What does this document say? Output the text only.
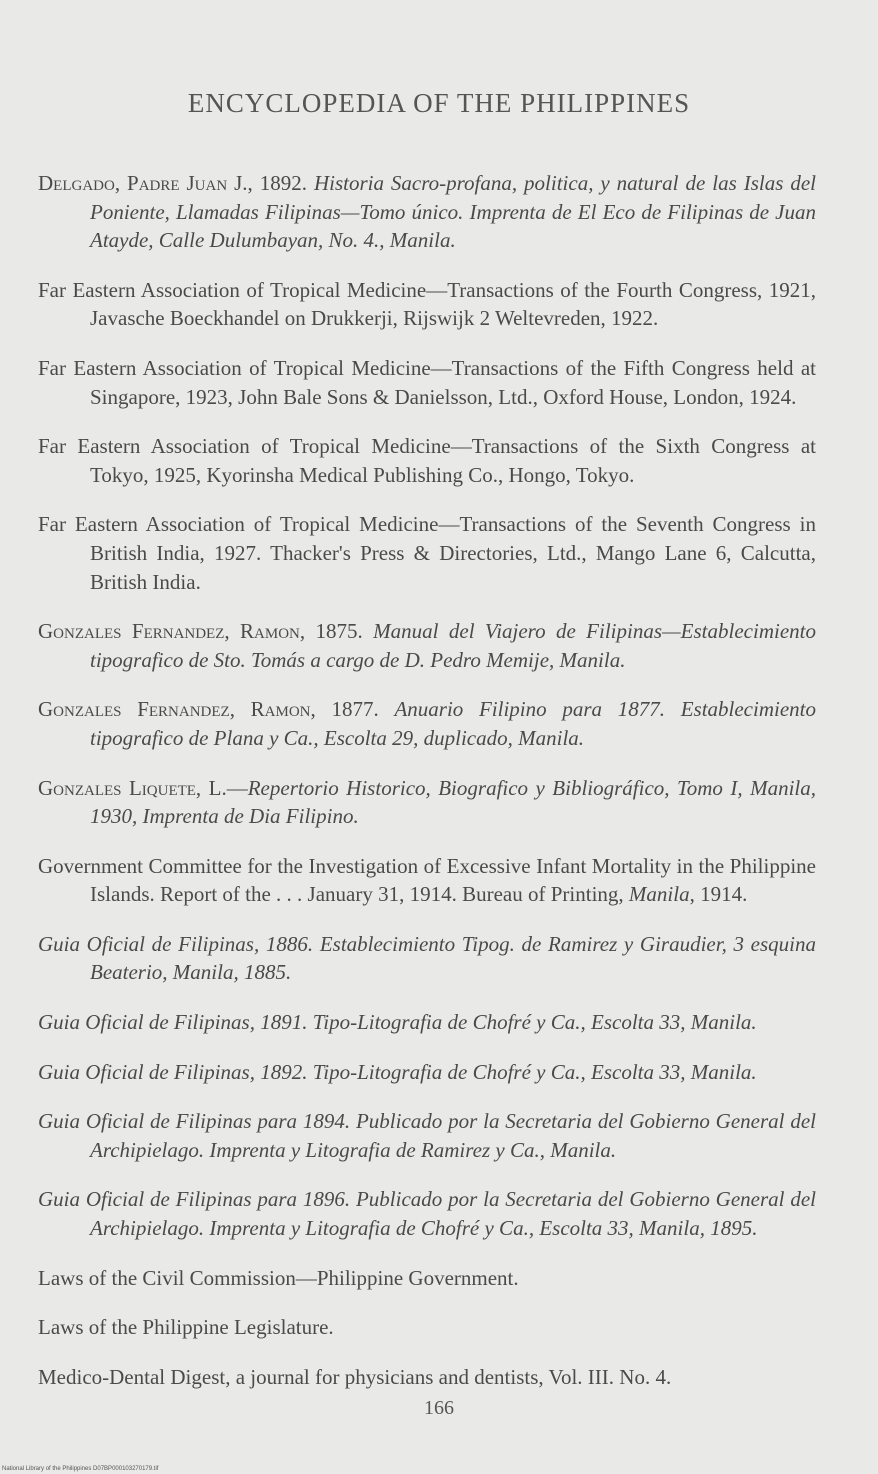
ENCYCLOPEDIA OF THE PHILIPPINES

Delgado, Padre Juan J., 1892. Historia Sacro-profana, politica, y natural de las Islas del Poniente, Llamadas Filipinas—Tomo único. Imprenta de El Eco de Filipinas de Juan Atayde, Calle Dulumbayan, No. 4., Manila.

Far Eastern Association of Tropical Medicine—Transactions of the Fourth Congress, 1921, Javasche Boeckhandel on Drukkerji, Rijswijk 2 Weltevreden, 1922.

Far Eastern Association of Tropical Medicine—Transactions of the Fifth Congress held at Singapore, 1923, John Bale Sons & Danielsson, Ltd., Oxford House, London, 1924.

Far Eastern Association of Tropical Medicine—Transactions of the Sixth Congress at Tokyo, 1925, Kyorinsha Medical Publishing Co., Hongo, Tokyo.

Far Eastern Association of Tropical Medicine—Transactions of the Seventh Congress in British India, 1927. Thacker's Press & Directories, Ltd., Mango Lane 6, Calcutta, British India.

Gonzales Fernandez, Ramon, 1875. Manual del Viajero de Filipinas—Establecimiento tipografico de Sto. Tomás a cargo de D. Pedro Memije, Manila.

Gonzales Fernandez, Ramon, 1877. Anuario Filipino para 1877. Establecimiento tipografico de Plana y Ca., Escolta 29, duplicado, Manila.

Gonzales Liquete, L.—Repertorio Historico, Biografico y Bibliográfico, Tomo I, Manila, 1930, Imprenta de Dia Filipino.

Government Committee for the Investigation of Excessive Infant Mortality in the Philippine Islands. Report of the . . . January 31, 1914. Bureau of Printing, Manila, 1914.

Guia Oficial de Filipinas, 1886. Establecimiento Tipog. de Ramirez y Giraudier, 3 esquina Beaterio, Manila, 1885.

Guia Oficial de Filipinas, 1891. Tipo-Litografia de Chofré y Ca., Escolta 33, Manila.

Guia Oficial de Filipinas, 1892. Tipo-Litografia de Chofré y Ca., Escolta 33, Manila.

Guia Oficial de Filipinas para 1894. Publicado por la Secretaria del Gobierno General del Archipielago. Imprenta y Litografia de Ramirez y Ca., Manila.

Guia Oficial de Filipinas para 1896. Publicado por la Secretaria del Gobierno General del Archipielago. Imprenta y Litografia de Chofré y Ca., Escolta 33, Manila, 1895.

Laws of the Civil Commission—Philippine Government.

Laws of the Philippine Legislature.

Medico-Dental Digest, a journal for physicians and dentists, Vol. III. No. 4.

166
National Library of the Philippines D07BP000103270179.tif
